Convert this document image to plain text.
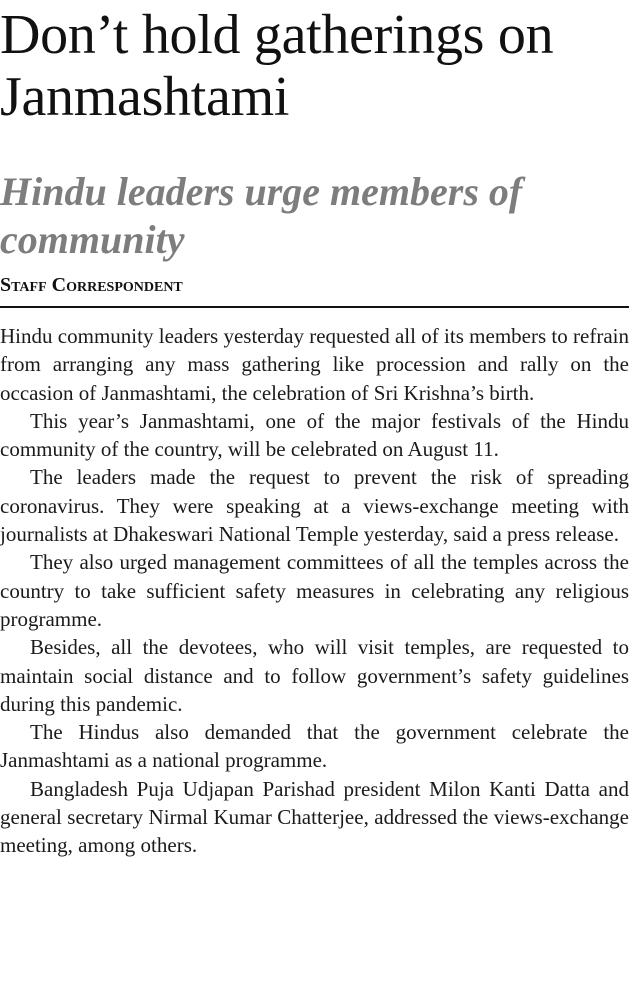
Don’t hold gatherings on Janmashtami
Hindu leaders urge members of community
Staff Correspondent

Hindu community leaders yesterday requested all of its members to refrain from arranging any mass gathering like procession and rally on the occasion of Janmashtami, the celebration of Sri Krishna’s birth.

This year’s Janmashtami, one of the major festivals of the Hindu community of the country, will be celebrated on August 11.

The leaders made the request to prevent the risk of spreading coronavirus. They were speaking at a views-exchange meeting with journalists at Dhakeswari National Temple yesterday, said a press release.

They also urged management committees of all the temples across the country to take sufficient safety measures in celebrating any religious programme.

Besides, all the devotees, who will visit temples, are requested to maintain social distance and to follow government’s safety guidelines during this pandemic.

The Hindus also demanded that the government celebrate the Janmashtami as a national programme.

Bangladesh Puja Udjapan Parishad president Milon Kanti Datta and general secretary Nirmal Kumar Chatterjee, addressed the views-exchange meeting, among others.
